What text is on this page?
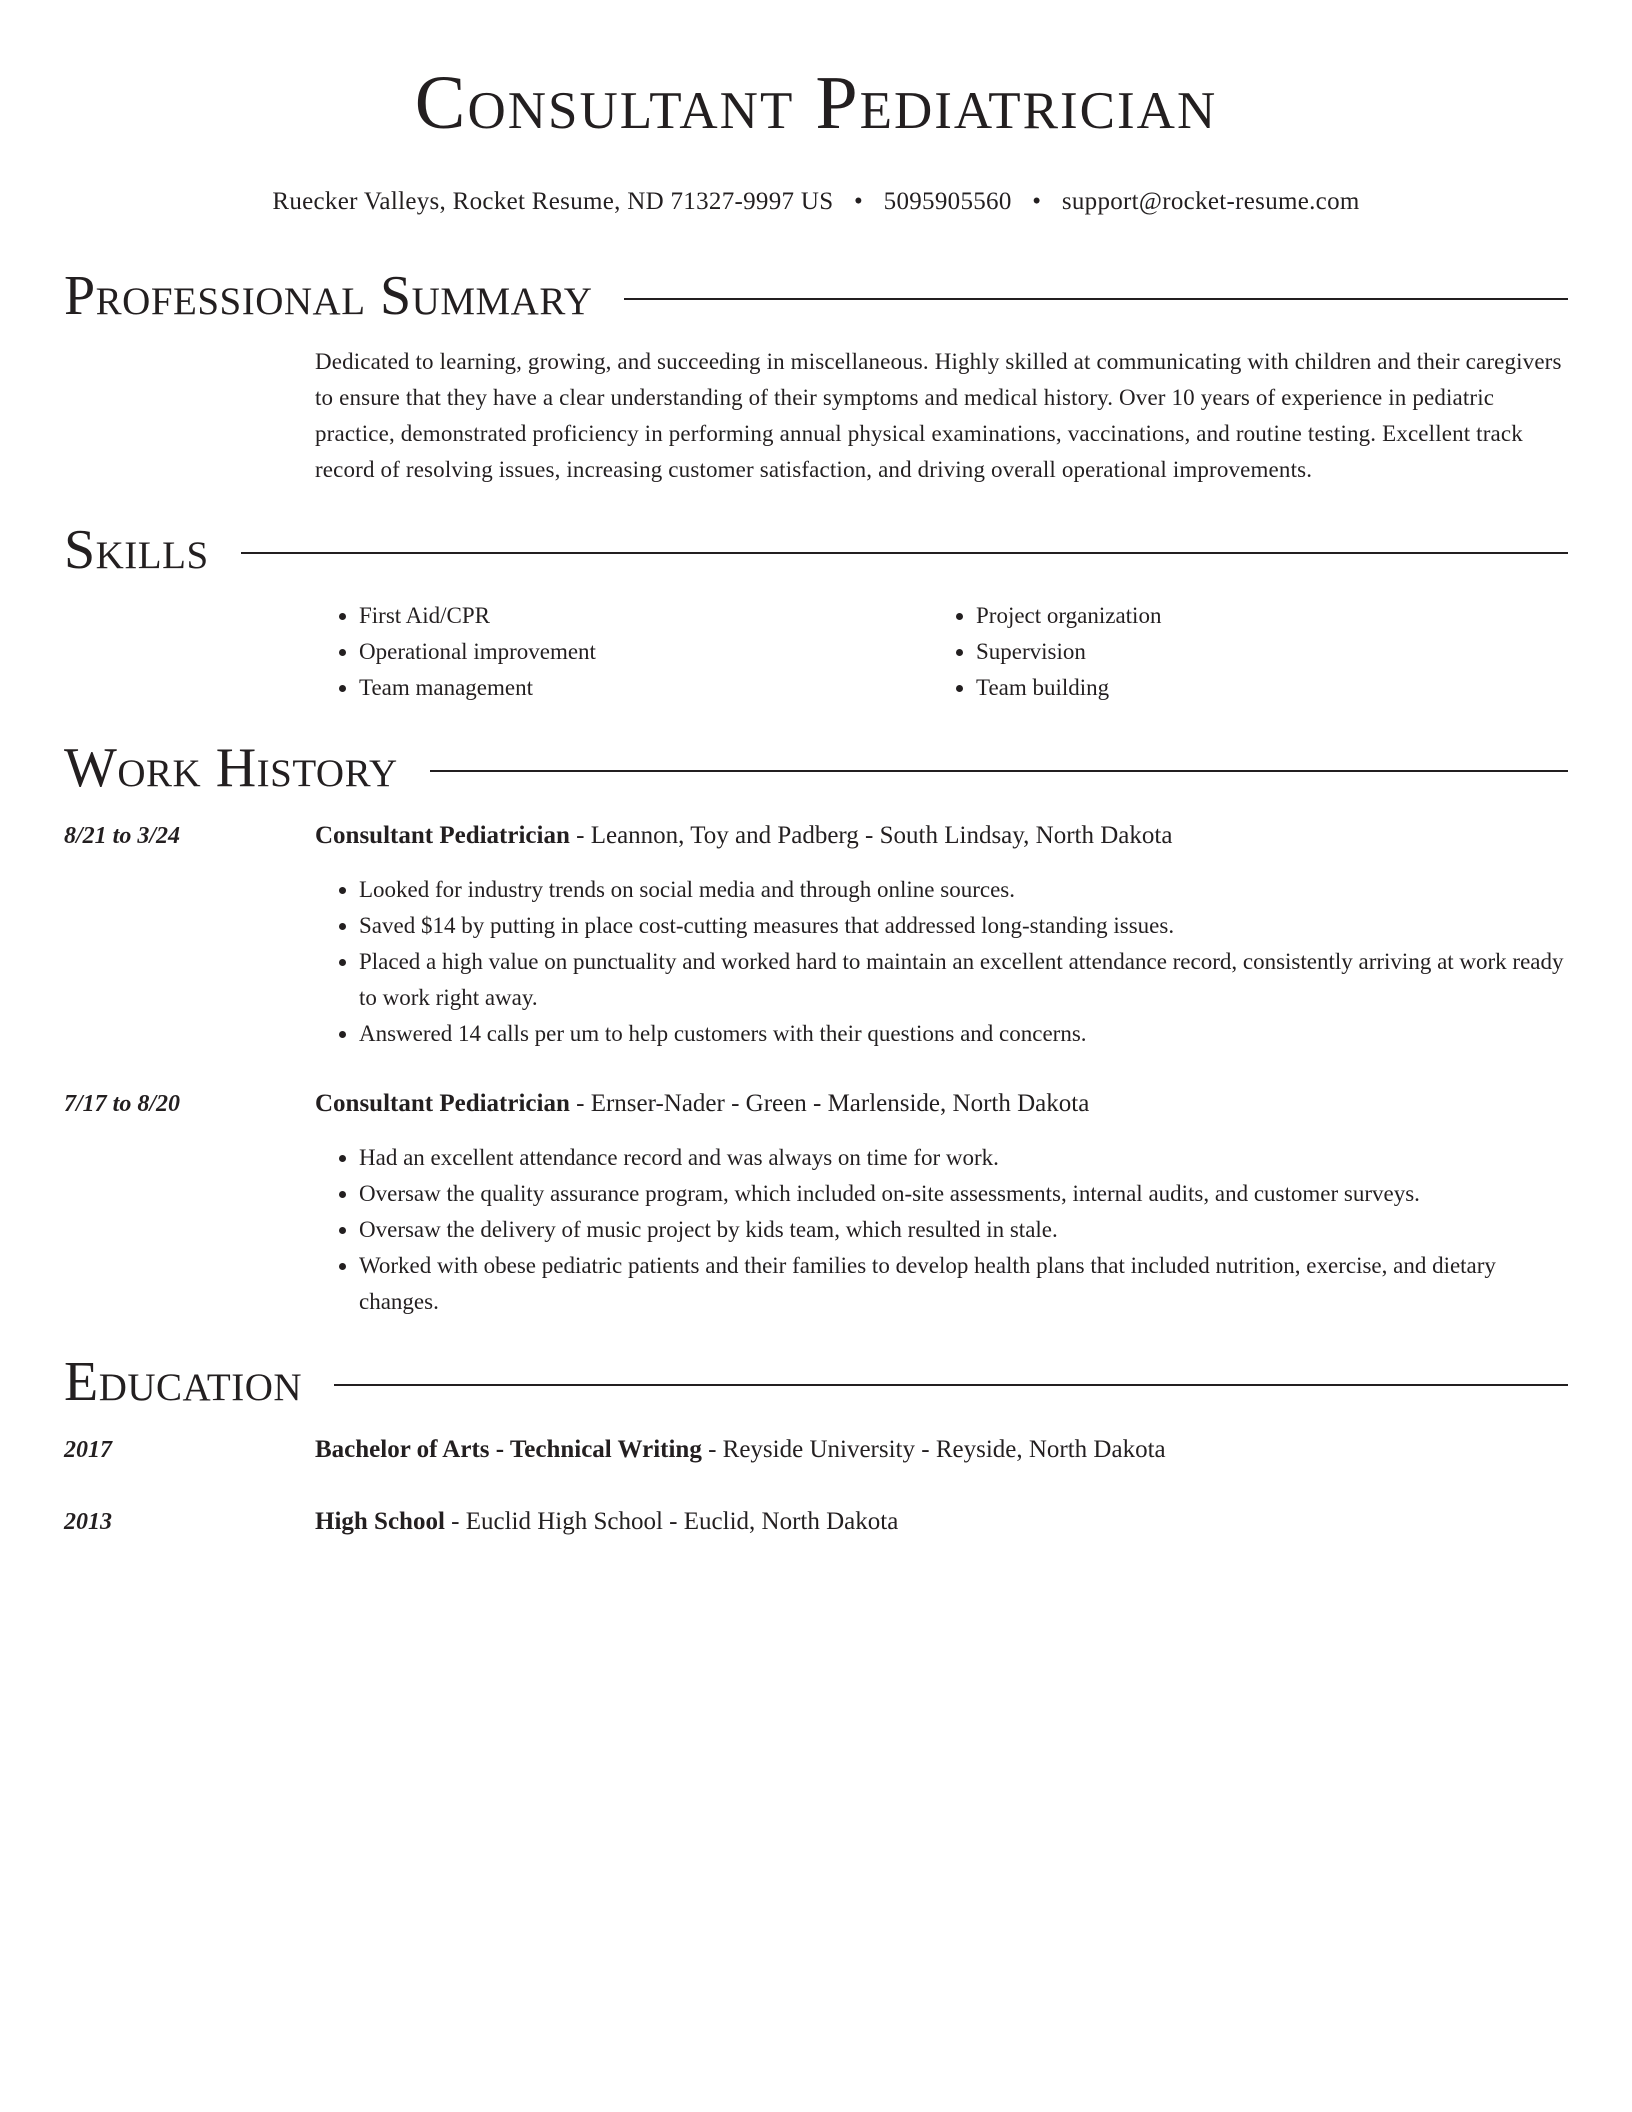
Consultant Pediatrician
Ruecker Valleys, Rocket Resume, ND 71327-9997 US • 5095905560 • support@rocket-resume.com
Professional Summary
Dedicated to learning, growing, and succeeding in miscellaneous. Highly skilled at communicating with children and their caregivers to ensure that they have a clear understanding of their symptoms and medical history. Over 10 years of experience in pediatric practice, demonstrated proficiency in performing annual physical examinations, vaccinations, and routine testing. Excellent track record of resolving issues, increasing customer satisfaction, and driving overall operational improvements.
Skills
• First Aid/CPR
• Operational improvement
• Team management
• Project organization
• Supervision
• Team building
Work History
8/21 to 3/24	Consultant Pediatrician - Leannon, Toy and Padberg - South Lindsay, North Dakota
• Looked for industry trends on social media and through online sources.
• Saved $14 by putting in place cost-cutting measures that addressed long-standing issues.
• Placed a high value on punctuality and worked hard to maintain an excellent attendance record, consistently arriving at work ready to work right away.
• Answered 14 calls per um to help customers with their questions and concerns.
7/17 to 8/20	Consultant Pediatrician - Ernser-Nader - Green - Marlenside, North Dakota
• Had an excellent attendance record and was always on time for work.
• Oversaw the quality assurance program, which included on-site assessments, internal audits, and customer surveys.
• Oversaw the delivery of music project by kids team, which resulted in stale.
• Worked with obese pediatric patients and their families to develop health plans that included nutrition, exercise, and dietary changes.
Education
2017	Bachelor of Arts - Technical Writing - Reyside University - Reyside, North Dakota
2013	High School - Euclid High School - Euclid, North Dakota
